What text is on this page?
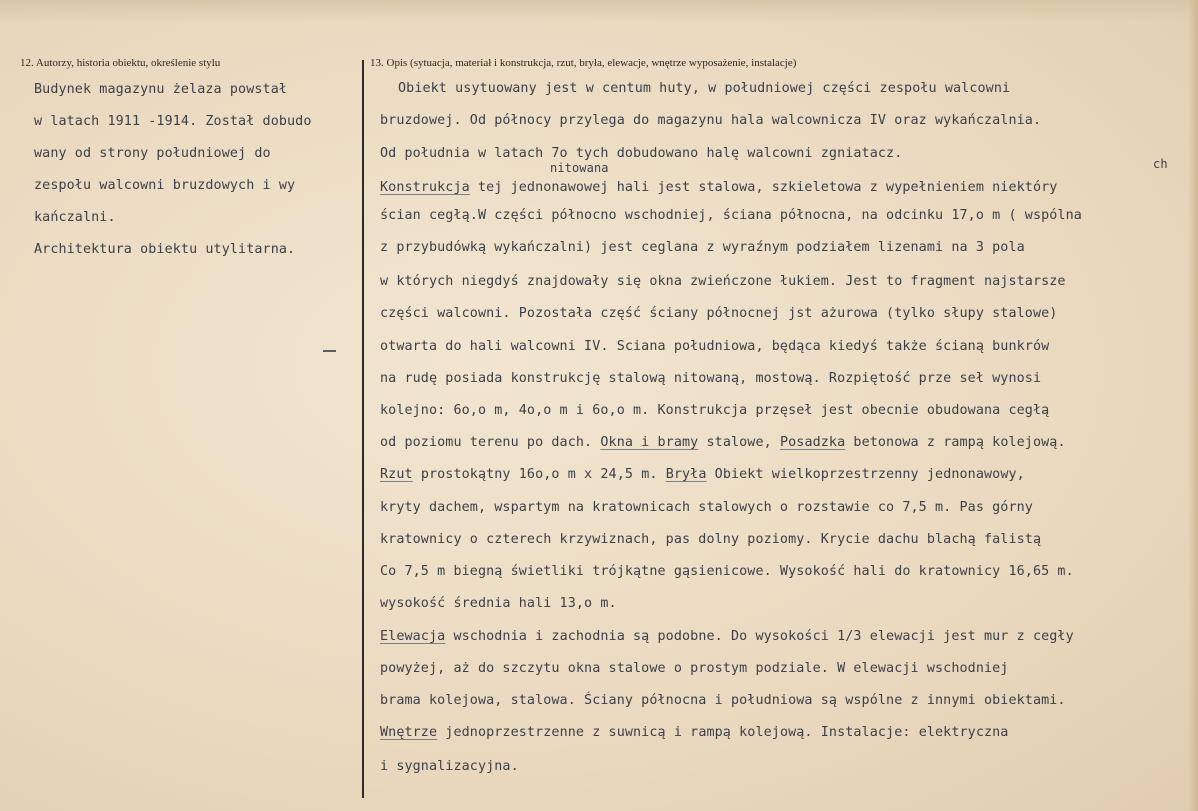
12. Autorzy, historia obiektu, określenie stylu	13. Opis (sytuacja, materiał i konstrukcja, rzut, bryła, elewacje, wnętrze wyposażenie, instalacje)
Budynek magazynu żelaza powstał
w latach 1911 -1914. Został dobudo
wany od strony południowej do
zespołu walcowni bruzdowych i wy
kańczalni.
Architektura obiektu utylitarna.
nitowana	ch
Obiekt usytuowany jest w centum huty, w południowej części zespołu walcowni
bruzdowej. Od północy przylega do magazynu hala walcownicza IV oraz wykańczalnia.
Od południa w latach 7o tych dobudowano halę walcowni zgniatacz.
Konstrukcja tej jednonawowej hali jest stalowa, szkieletowa z wypełnieniem niektóry
ścian cegłą.W części północno wschodniej, ściana północna, na odcinku 17,o m ( wspólna
z przybudówką wykańczalni) jest ceglana z wyraźnym podziałem lizenami na 3 pola
w których niegdyś znajdowały się okna zwieńczone łukiem. Jest to fragment najstarsze
części walcowni. Pozostała część ściany północnej jst ażurowa (tylko słupy stalowe)
otwarta do hali walcowni IV. Sciana południowa, będąca kiedyś także ścianą bunkrów
na rudę posiada konstrukcję stalową nitowaną, mostową. Rozpiętość prze seł wynosi
kolejno: 6o,o m, 4o,o m i 6o,o m. Konstrukcja przęseł jest obecnie obudowana cegłą
od poziomu terenu po dach. Okna i bramy stalowe, Posadzka betonowa z rampą kolejową.
Rzut prostokątny 16o,o m x 24,5 m. Bryła Obiekt wielkoprzestrzenny jednonawowy,
kryty dachem, wspartym na kratownicach stalowych o rozstawie co 7,5 m. Pas górny
kratownicy o czterech krzywiznach, pas dolny poziomy. Krycie dachu blachą falistą
Co 7,5 m biegną świetliki trójkątne gąsienicowe. Wysokość hali do kratownicy 16,65 m.
wysokość średnia hali 13,o m.
Elewacja wschodnia i zachodnia są podobne. Do wysokości 1/3 elewacji jest mur z cegły
powyżej, aż do szczytu okna stalowe o prostym podziale. W elewacji wschodniej
brama kolejowa, stalowa. Ściany północna i południowa są wspólne z innymi obiektami.
Wnętrze jednoprzestrzenne z suwnicą i rampą kolejową. Instalacje: elektryczna
i sygnalizacyjna.
